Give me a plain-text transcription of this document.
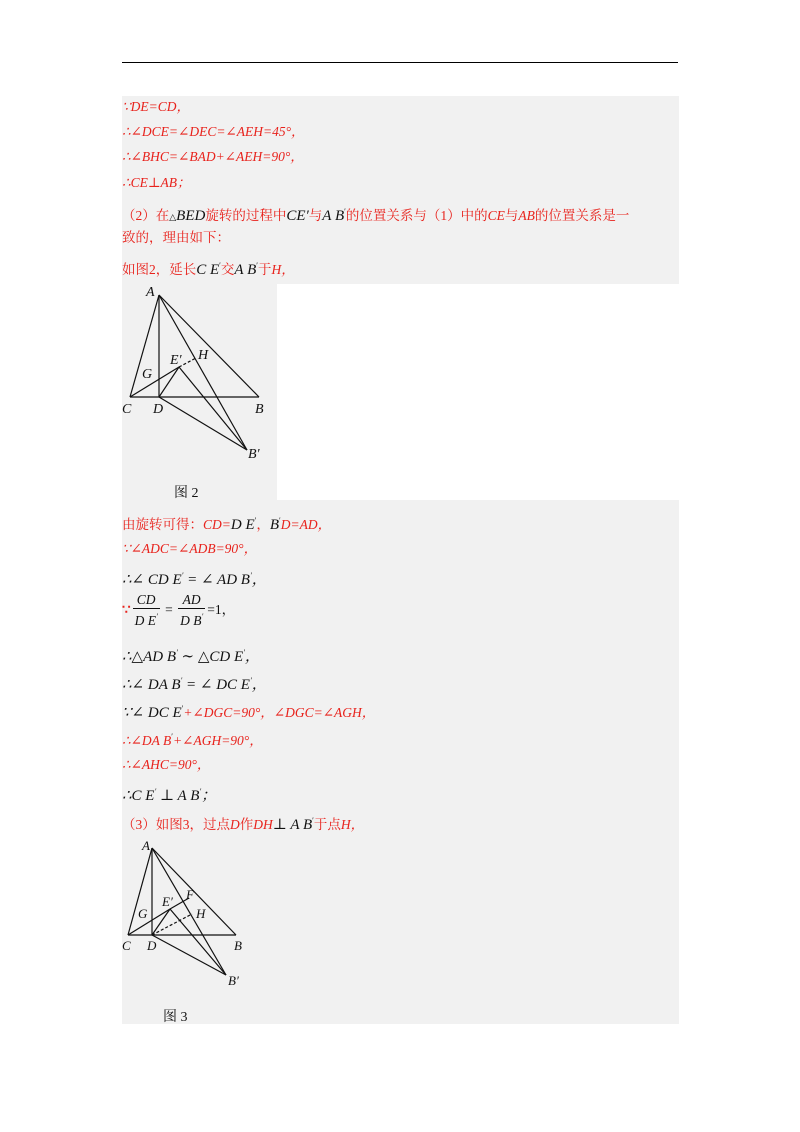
∵DE=CD，
∴∠DCE=∠DEC=∠AEH=45°，
∴∠BHC=∠BAD+∠AEH=90°，
∴CE⊥AB；
（2）在△BED旋转的过程中CE′与A B′的位置关系与（1）中的CE与AB的位置关系是一
致的，理由如下：
如图2，延长C E′交A B′于H，
A
G
E′ H
C D	B
B′
图 2
由旋转可得：CD=D E′，B′D=AD，
∵∠ADC=∠ADB=90°，
∴∠ CD E′ = ∠ AD B′，
∵ $\frac{CD}{D E'} = \frac{AD}{D B'} =1$，
∴△AD B′ ∼ △CD E′，
∴∠ DA B′ = ∠ DC E′，
∵∠ DC E′+∠DGC=90°，∠DGC=∠AGH，
∴∠DA B′+∠AGH=90°，
∴∠AHC=90°，
∴C E′ ⊥ A B′；
（3）如图3，过点D作DH⊥ A B′于点H，
A
G
E′ F
H
C D	B
B′
图 3
